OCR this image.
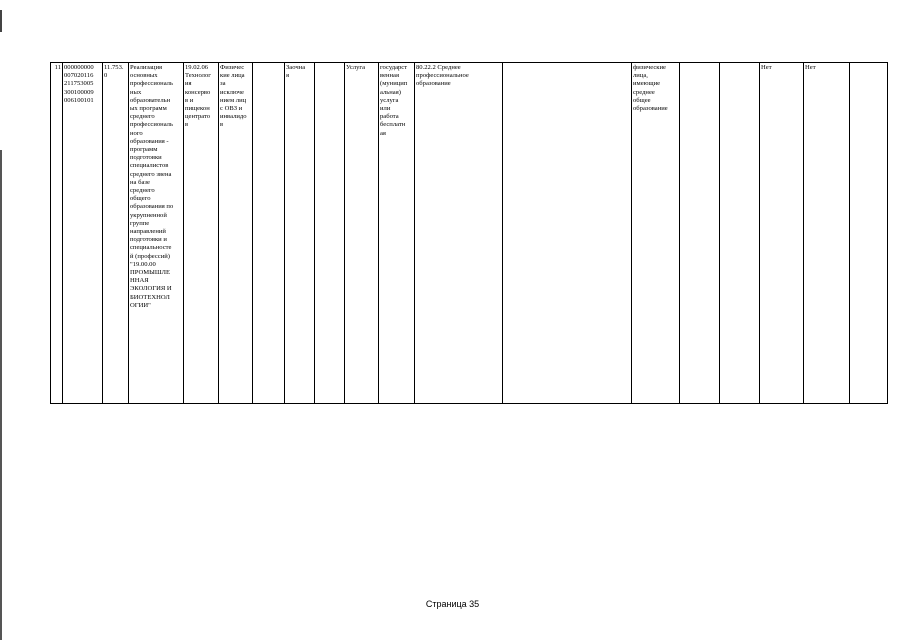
11	000000000
007020116
211753005
300100009
006100101	11.753.
0	Реализация
основных
профессиональ
ных
образовательн
ых программ
среднего
профессиональ
ного
образования -
программ
подготовки
специалистов
среднего звена
на базе
среднего
общего
образования по
укрупненной
группе
направлений
подготовки и
специальносте
й (профессий)
"19.00.00
ПРОМЫШЛЕ
ННАЯ
ЭКОЛОГИЯ И
БИОТЕХНОЛ
ОГИИ"	19.02.06
Технолог
ия
консерво
в и
пищекон
центрато
в	Физичес
кие лица
за
исключе
нием лиц
с ОВЗ и
инвалидо
в		Заочна
я		Услуга	государст
венная
(муницип
альная)
услуга
или
работа
бесплатн
ая	80.22.2 Среднее
профессиональное
образование		физические
лица,
имеющие
среднее
общее
образование			Нет	Нет	
Страница 35
